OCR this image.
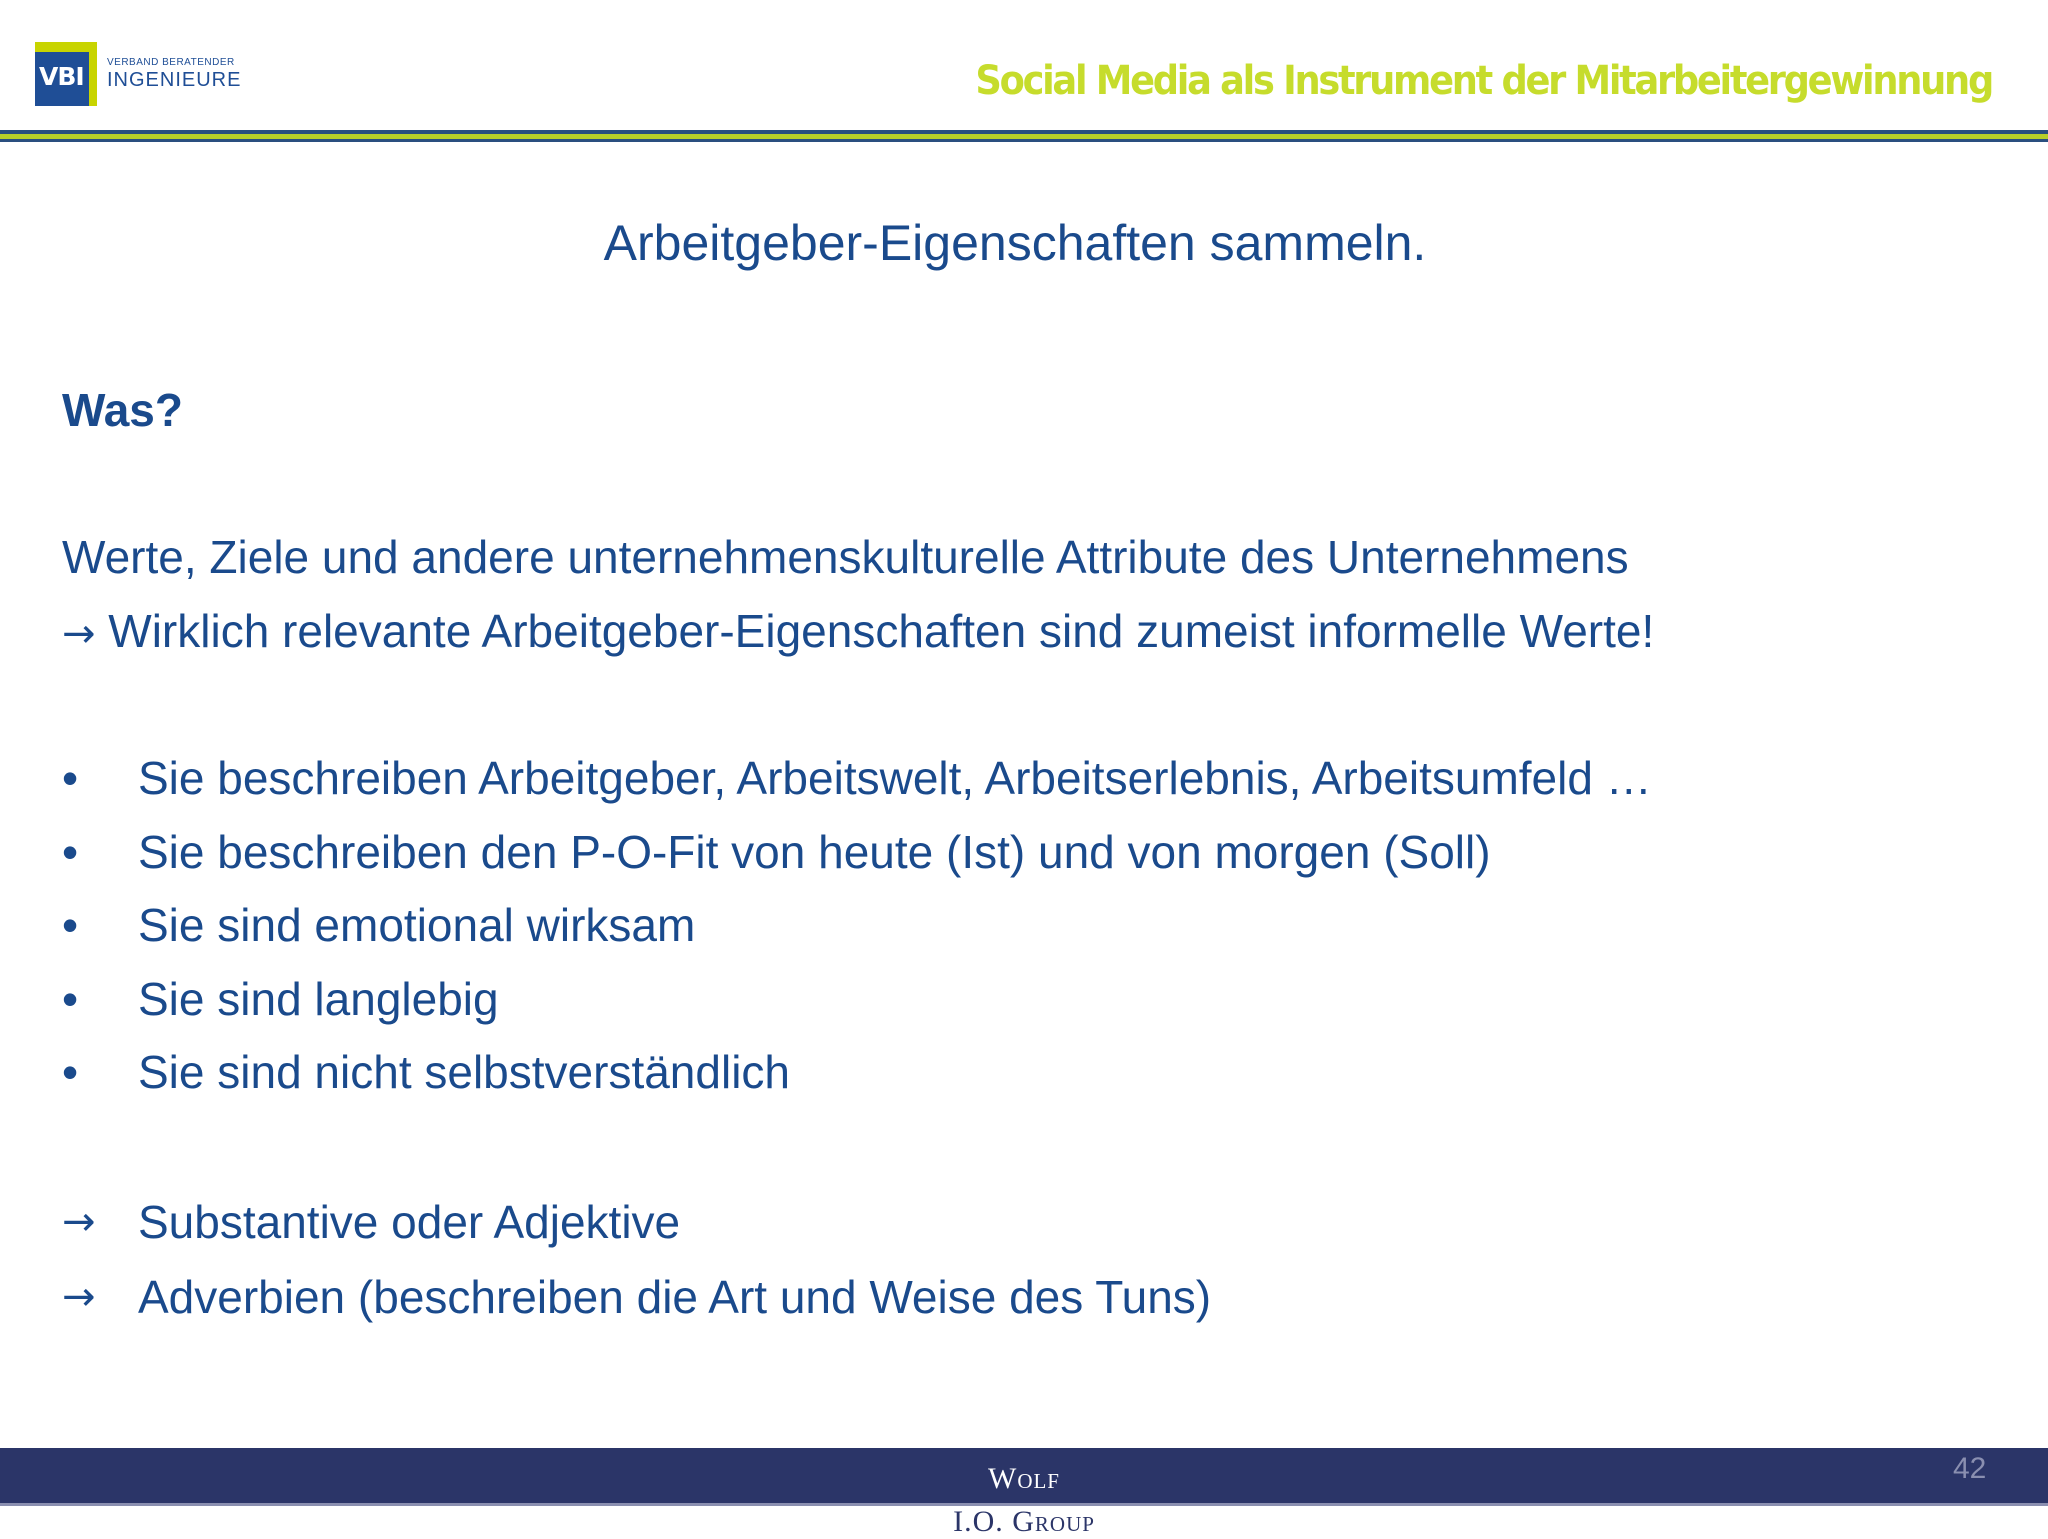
VBI VERBAND BERATENDER
INGENIEURE	Social Media als Instrument der Mitarbeitergewinnung
Arbeitgeber-Eigenschaften sammeln.
Was?
Werte, Ziele und andere unternehmenskulturelle Attribute des Unternehmens
→ Wirklich relevante Arbeitgeber-Eigenschaften sind zumeist informelle Werte!
• Sie beschreiben Arbeitgeber, Arbeitswelt, Arbeitserlebnis, Arbeitsumfeld …
• Sie beschreiben den P-O-Fit von heute (Ist) und von morgen (Soll)
• Sie sind emotional wirksam
• Sie sind langlebig
• Sie sind nicht selbstverständlich
→ Substantive oder Adjektive
→ Adverbien (beschreiben die Art und Weise des Tuns)
Wolf
I.O. Group
42
